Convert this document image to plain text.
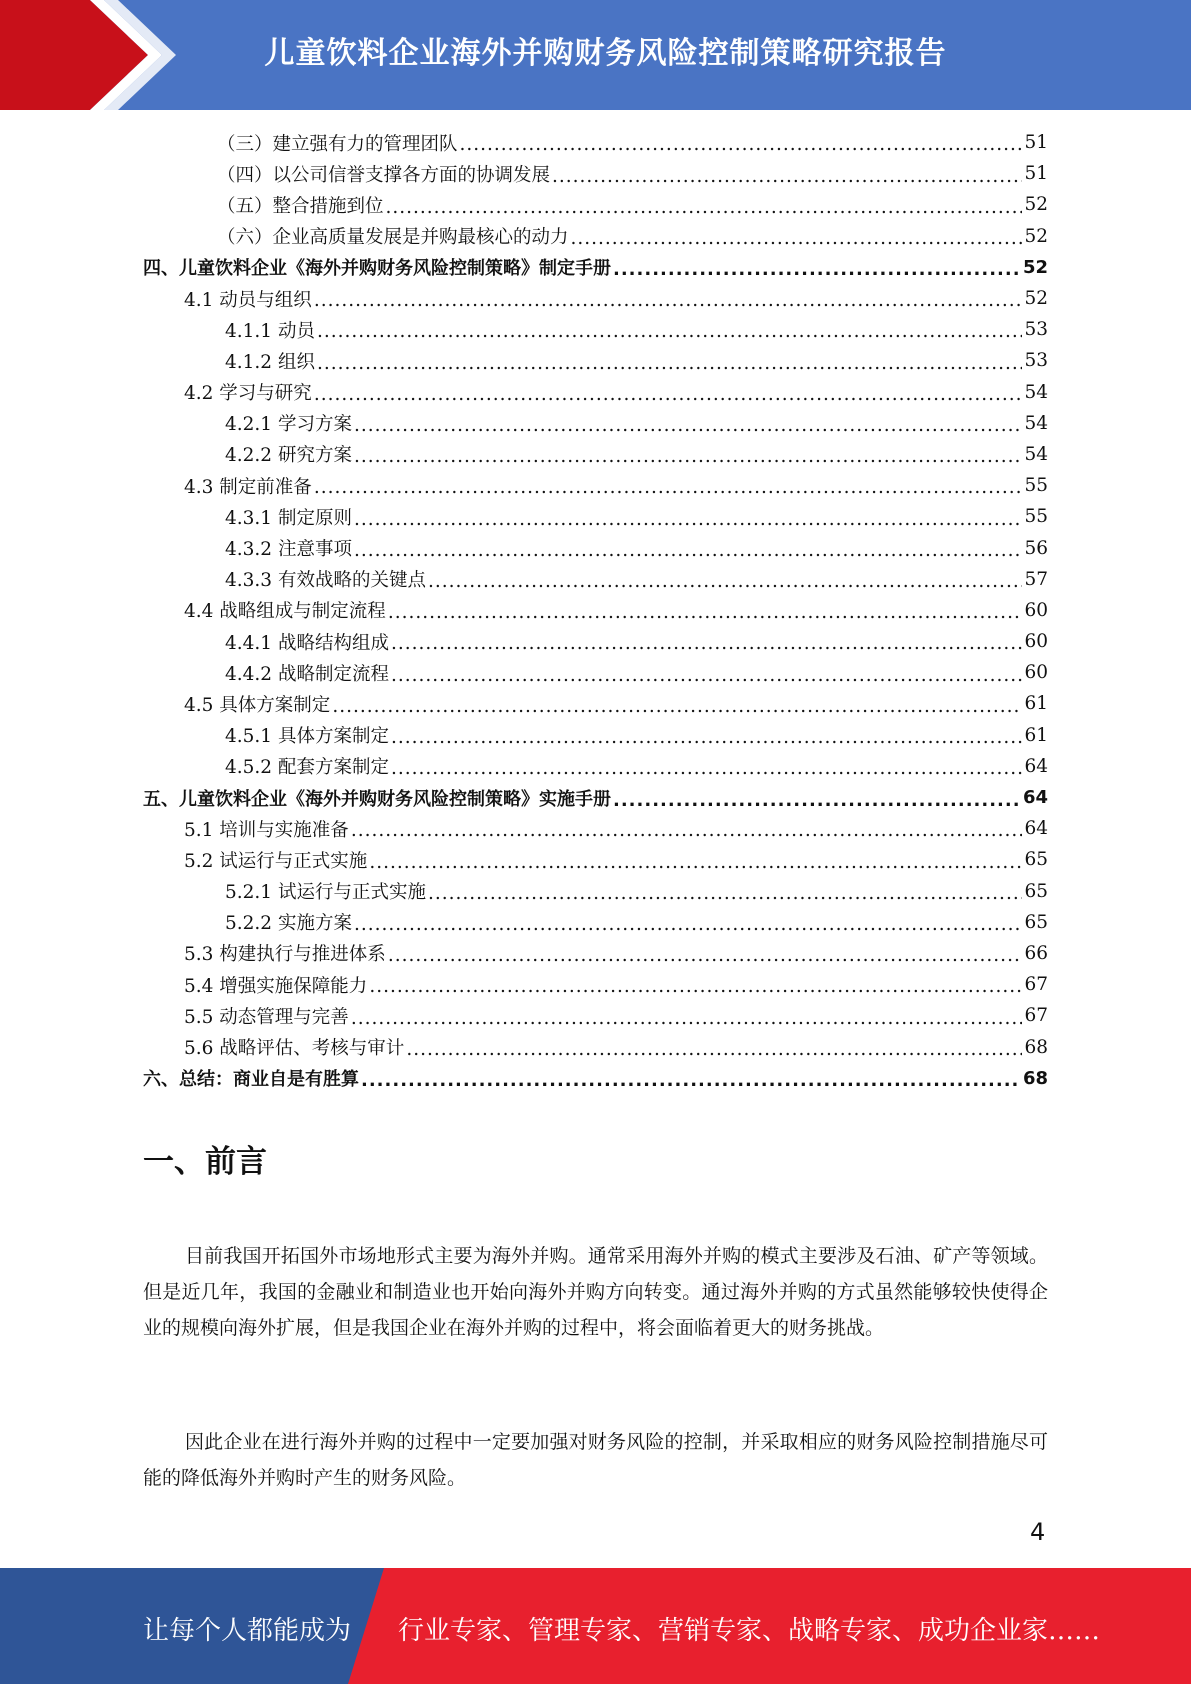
儿童饮料企业海外并购财务风险控制策略研究报告
（三）建立强有力的管理团队 .....	51
（四）以公司信誉支撑各方面的协调发展 .....	51
（五）整合措施到位 .....	52
（六）企业高质量发展是并购最核心的动力 .....	52
四、儿童饮料企业《海外并购财务风险控制策略》制定手册 .....	52
4.1 动员与组织 .....	52
4.1.1 动员 .....	53
4.1.2 组织 .....	53
4.2 学习与研究 .....	54
4.2.1 学习方案 .....	54
4.2.2 研究方案 .....	54
4.3 制定前准备 .....	55
4.3.1 制定原则 .....	55
4.3.2 注意事项 .....	56
4.3.3 有效战略的关键点 .....	57
4.4 战略组成与制定流程 .....	60
4.4.1 战略结构组成 .....	60
4.4.2 战略制定流程 .....	60
4.5 具体方案制定 .....	61
4.5.1 具体方案制定 .....	61
4.5.2 配套方案制定 .....	64
五、儿童饮料企业《海外并购财务风险控制策略》实施手册 .....	64
5.1 培训与实施准备 .....	64
5.2 试运行与正式实施 .....	65
5.2.1 试运行与正式实施 .....	65
5.2.2 实施方案 .....	65
5.3 构建执行与推进体系 .....	66
5.4 增强实施保障能力 .....	67
5.5 动态管理与完善 .....	67
5.6 战略评估、考核与审计 .....	68
六、总结：商业自是有胜算 .....	68
一、前言

目前我国开拓国外市场地形式主要为海外并购。通常采用海外并购的模式主要涉及石油、矿产等领域。但是近几年，我国的金融业和制造业也开始向海外并购方向转变。通过海外并购的方式虽然能够较快使得企业的规模向海外扩展，但是我国企业在海外并购的过程中，将会面临着更大的财务挑战。

因此企业在进行海外并购的过程中一定要加强对财务风险的控制，并采取相应的财务风险控制措施尽可能的降低海外并购时产生的财务风险。

4
让每个人都能成为 行业专家、管理专家、营销专家、战略专家、成功企业家……
